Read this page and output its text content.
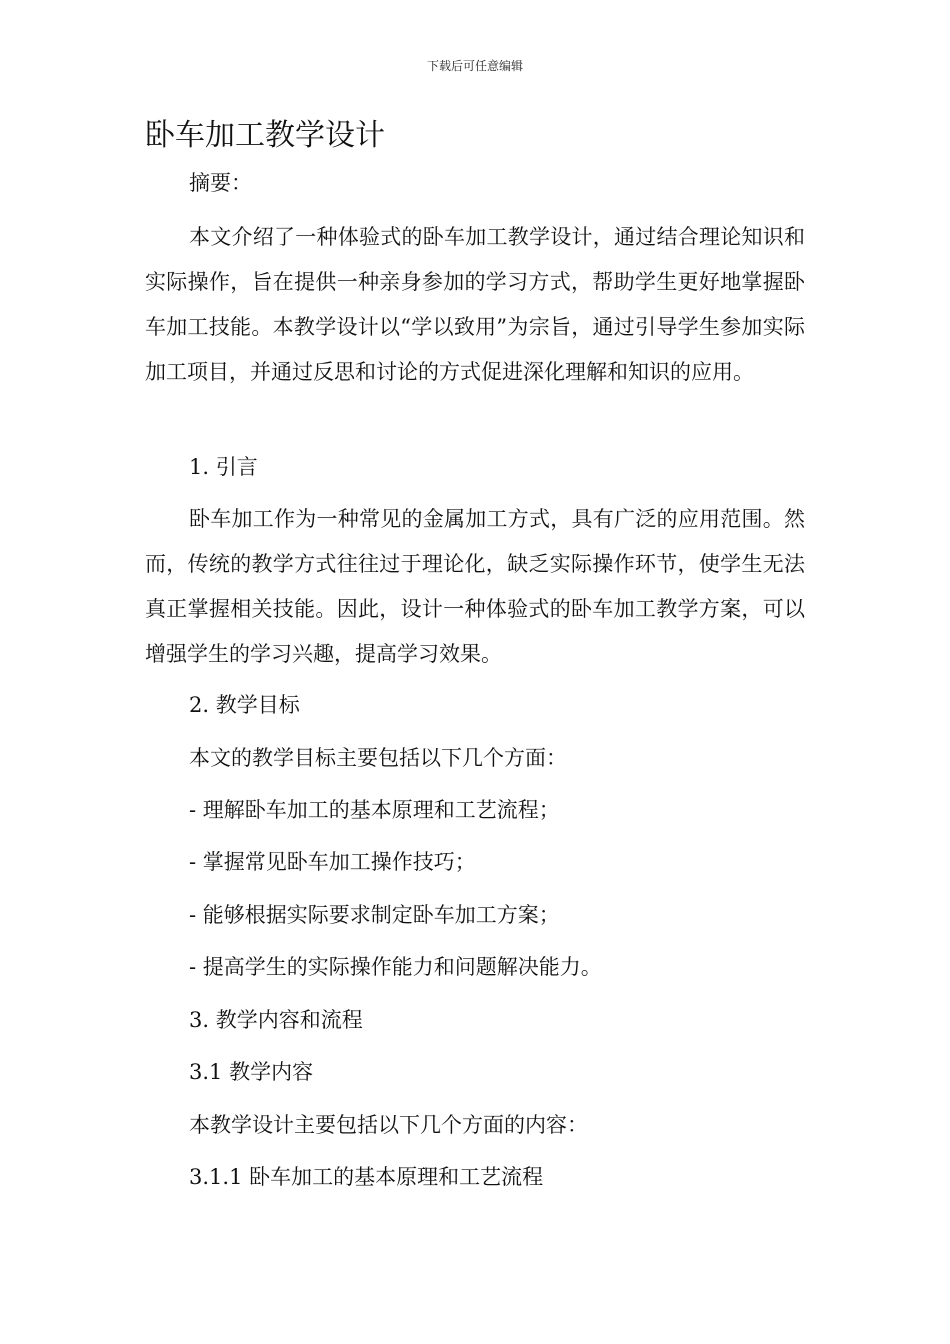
下载后可任意编辑
卧车加工教学设计

摘要：

本文介绍了一种体验式的卧车加工教学设计，通过结合理论知识和实际操作，旨在提供一种亲身参加的学习方式，帮助学生更好地掌握卧车加工技能。本教学设计以“学以致用”为宗旨，通过引导学生参加实际加工项目，并通过反思和讨论的方式促进深化理解和知识的应用。

1. 引言

卧车加工作为一种常见的金属加工方式，具有广泛的应用范围。然而，传统的教学方式往往过于理论化，缺乏实际操作环节，使学生无法真正掌握相关技能。因此，设计一种体验式的卧车加工教学方案，可以增强学生的学习兴趣，提高学习效果。

2. 教学目标

本文的教学目标主要包括以下几个方面：

- 理解卧车加工的基本原理和工艺流程；

- 掌握常见卧车加工操作技巧；

- 能够根据实际要求制定卧车加工方案；

- 提高学生的实际操作能力和问题解决能力。

3. 教学内容和流程

3.1 教学内容

本教学设计主要包括以下几个方面的内容：

3.1.1 卧车加工的基本原理和工艺流程
